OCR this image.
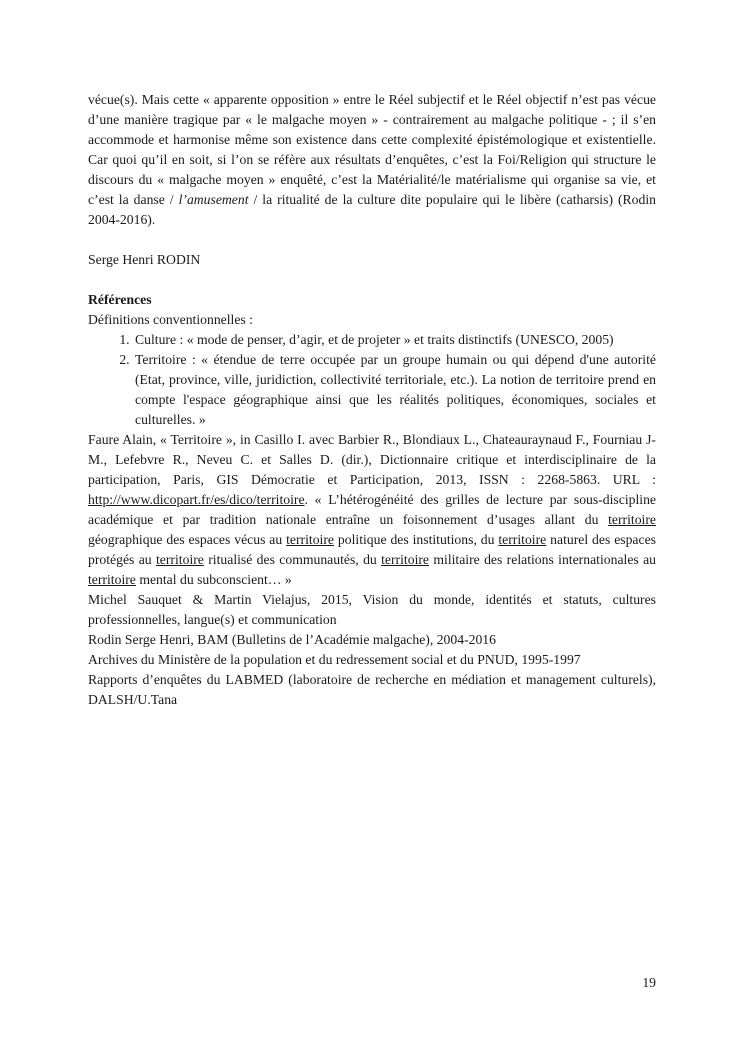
vécue(s). Mais cette « apparente opposition » entre le Réel subjectif et le Réel objectif n’est pas vécue d’une manière tragique par « le malgache moyen » - contrairement au malgache politique - ; il s’en accommode et harmonise même son existence dans cette complexité épistémologique et existentielle. Car quoi qu’il en soit, si l’on se réfère aux résultats d’enquêtes, c’est la Foi/Religion qui structure le discours du « malgache moyen » enquêté, c’est la Matérialité/le matérialisme qui organise sa vie, et c’est la danse / l’amusement / la ritualité de la culture dite populaire qui le libère (catharsis) (Rodin 2004-2016).

Serge Henri RODIN

Références

Définitions conventionnelles :

1. Culture : « mode de penser, d’agir, et de projeter » et traits distinctifs (UNESCO, 2005)
2. Territoire : « étendue de terre occupée par un groupe humain ou qui dépend d'une autorité (Etat, province, ville, juridiction, collectivité territoriale, etc.). La notion de territoire prend en compte l'espace géographique ainsi que les réalités politiques, économiques, sociales et culturelles. »

Faure Alain, « Territoire », in Casillo I. avec Barbier R., Blondiaux L., Chateauraynaud F., Fourniau J-M., Lefebvre R., Neveu C. et Salles D. (dir.), Dictionnaire critique et interdisciplinaire de la participation, Paris, GIS Démocratie et Participation, 2013, ISSN : 2268-5863. URL : http://www.dicopart.fr/es/dico/territoire. « L’hétérogénéité des grilles de lecture par sous-discipline académique et par tradition nationale entraîne un foisonnement d’usages allant du territoire géographique des espaces vécus au territoire politique des institutions, du territoire naturel des espaces protégés au territoire ritualisé des communautés, du territoire militaire des relations internationales au territoire mental du subconscient… »

Michel Sauquet & Martin Vielajus, 2015, Vision du monde, identités et statuts, cultures professionnelles, langue(s) et communication

Rodin Serge Henri, BAM (Bulletins de l’Académie malgache), 2004-2016

Archives du Ministère de la population et du redressement social et du PNUD, 1995-1997

Rapports d’enquêtes du LABMED (laboratoire de recherche en médiation et management culturels), DALSH/U.Tana

19
